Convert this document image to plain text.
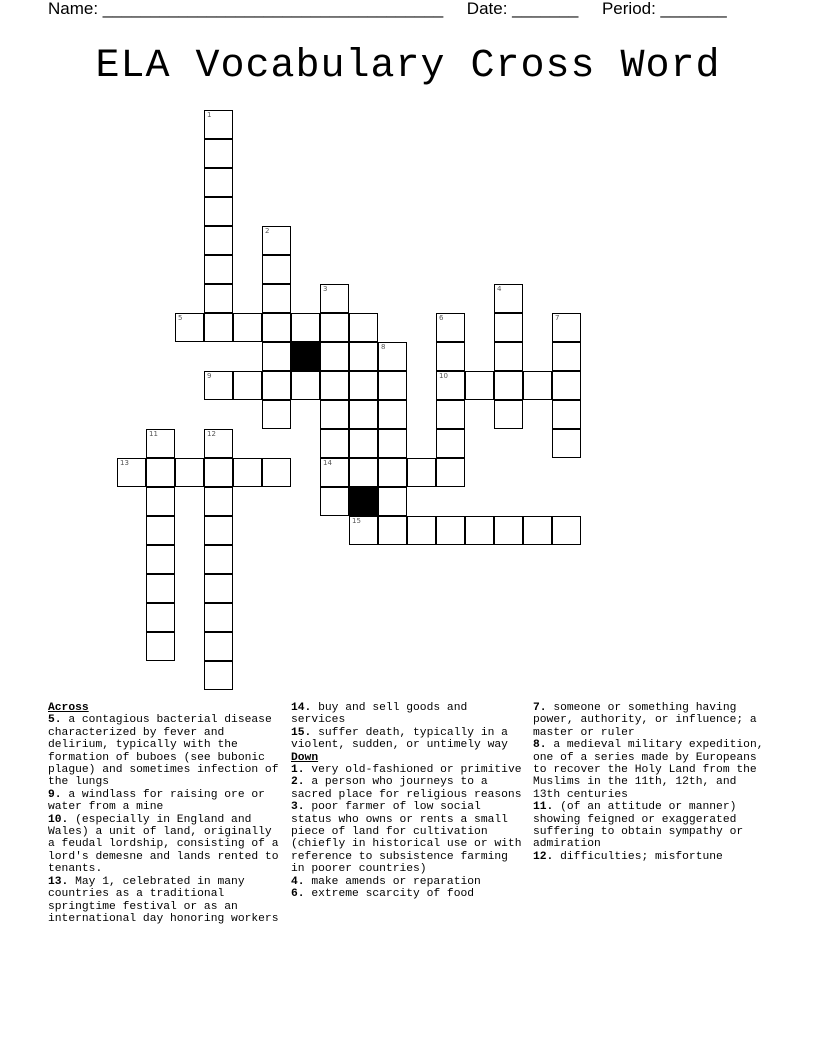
Name: ____________________________________ Date: _______ Period: _______
ELA Vocabulary Cross Word
1
2
3	4
5	6	7
8
9	10
11	12
13	14
15
Across
5. a contagious bacterial disease characterized by fever and delirium, typically with the formation of buboes (see bubonic plague) and sometimes infection of the lungs
9. a windlass for raising ore or water from a mine
10. (especially in England and Wales) a unit of land, originally a feudal lordship, consisting of a lord's demesne and lands rented to tenants.
13. May 1, celebrated in many countries as a traditional springtime festival or as an international day honoring workers
14. buy and sell goods and services
15. suffer death, typically in a violent, sudden, or untimely way
Down
1. very old-fashioned or primitive
2. a person who journeys to a sacred place for religious reasons
3. poor farmer of low social status who owns or rents a small piece of land for cultivation (chiefly in historical use or with reference to subsistence farming in poorer countries)
4. make amends or reparation
6. extreme scarcity of food
7. someone or something having power, authority, or influence; a master or ruler
8. a medieval military expedition, one of a series made by Europeans to recover the Holy Land from the Muslims in the 11th, 12th, and 13th centuries
11. (of an attitude or manner) showing feigned or exaggerated suffering to obtain sympathy or admiration
12. difficulties; misfortune
